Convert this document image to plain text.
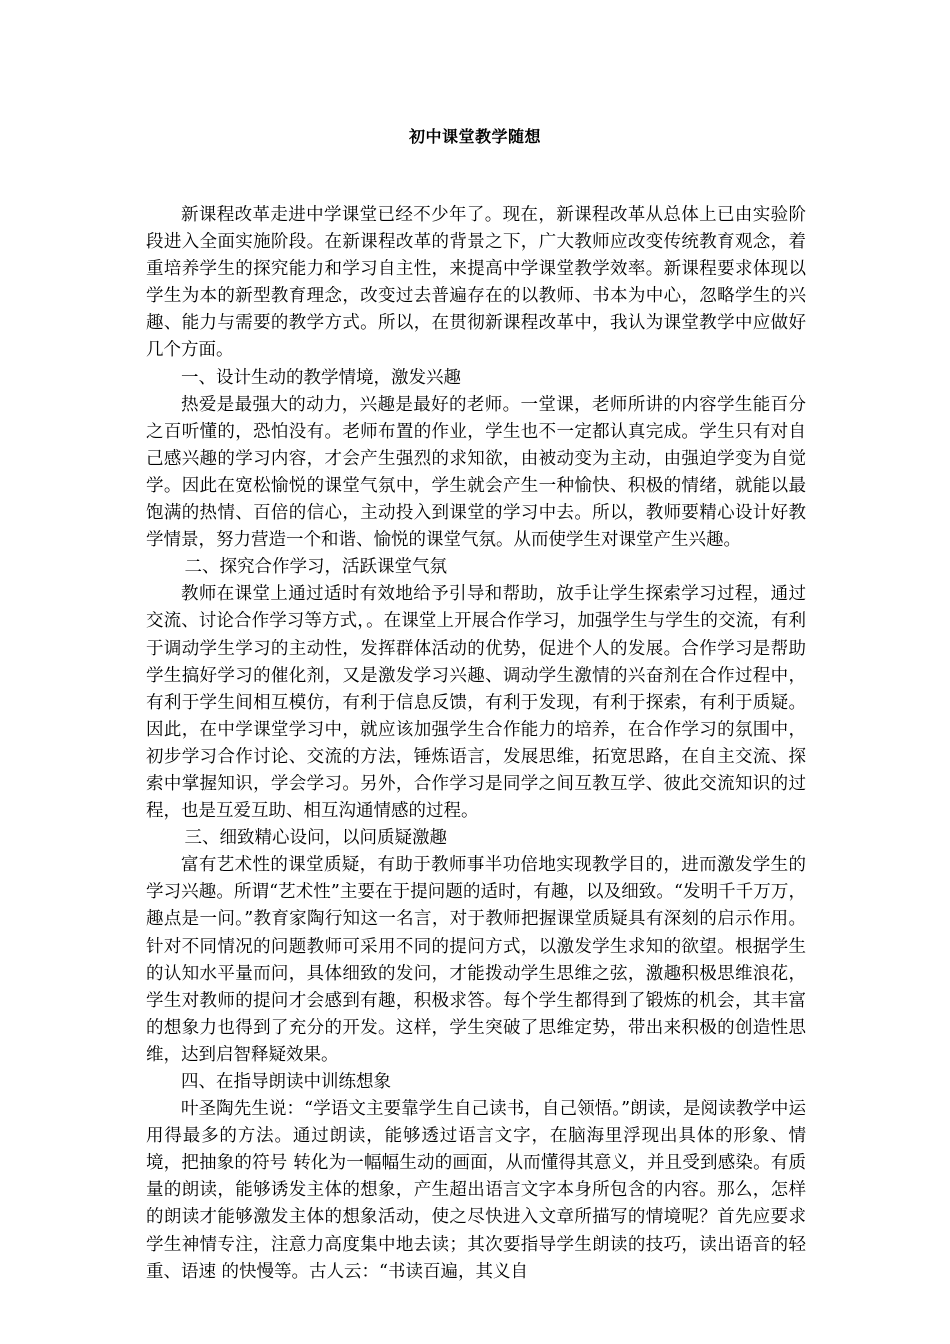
初中课堂教学随想

新课程改革走进中学课堂已经不少年了。现在，新课程改革从总体上已由实验阶段进入全面实施阶段。在新课程改革的背景之下，广大教师应改变传统教育观念，着重培养学生的探究能力和学习自主性，来提高中学课堂教学效率。新课程要求体现以学生为本的新型教育理念，改变过去普遍存在的以教师、书本为中心，忽略学生的兴趣、能力与需要的教学方式。所以，在贯彻新课程改革中，我认为课堂教学中应做好几个方面。

一、设计生动的教学情境，激发兴趣

热爱是最强大的动力，兴趣是最好的老师。一堂课，老师所讲的内容学生能百分之百听懂的，恐怕没有。老师布置的作业，学生也不一定都认真完成。学生只有对自己感兴趣的学习内容，才会产生强烈的求知欲，由被动变为主动，由强迫学变为自觉学。因此在宽松愉悦的课堂气氛中，学生就会产生一种愉快、积极的情绪，就能以最饱满的热情、百倍的信心，主动投入到课堂的学习中去。所以，教师要精心设计好教学情景，努力营造一个和谐、愉悦的课堂气氛。从而使学生对课堂产生兴趣。

二、探究合作学习，活跃课堂气氛

教师在课堂上通过适时有效地给予引导和帮助，放手让学生探索学习过程，通过交流、讨论合作学习等方式，。在课堂上开展合作学习，加强学生与学生的交流，有利于调动学生学习的主动性，发挥群体活动的优势，促进个人的发展。合作学习是帮助学生搞好学习的催化剂，又是激发学习兴趣、调动学生激情的兴奋剂在合作过程中，有利于学生间相互模仿，有利于信息反馈，有利于发现，有利于探索，有利于质疑。因此，在中学课堂学习中，就应该加强学生合作能力的培养，在合作学习的氛围中，初步学习合作讨论、交流的方法，锤炼语言，发展思维，拓宽思路，在自主交流、探索中掌握知识，学会学习。另外，合作学习是同学之间互教互学、彼此交流知识的过程，也是互爱互助、相互沟通情感的过程。

三、细致精心设问，以问质疑激趣

富有艺术性的课堂质疑，有助于教师事半功倍地实现教学目的，进而激发学生的学习兴趣。所谓“艺术性”主要在于提问题的适时，有趣，以及细致。“发明千千万万，趣点是一问。”教育家陶行知这一名言，对于教师把握课堂质疑具有深刻的启示作用。针对不同情况的问题教师可采用不同的提问方式，以激发学生求知的欲望。根据学生的认知水平量而问，具体细致的发问，才能拨动学生思维之弦，激趣积极思维浪花，学生对教师的提问才会感到有趣，积极求答。每个学生都得到了锻炼的机会，其丰富的想象力也得到了充分的开发。这样，学生突破了思维定势，带出来积极的创造性思维，达到启智释疑效果。

四、在指导朗读中训练想象

叶圣陶先生说：“学语文主要靠学生自己读书，自己领悟。”朗读，是阅读教学中运用得最多的方法。通过朗读，能够透过语言文字，在脑海里浮现出具体的形象、情境，把抽象的符号 转化为一幅幅生动的画面，从而懂得其意义，并且受到感染。有质量的朗读，能够诱发主体的想象，产生超出语言文字本身所包含的内容。那么，怎样的朗读才能够激发主体的想象活动，使之尽快进入文章所描写的情境呢？首先应要求学生神情专注，注意力高度集中地去读；其次要指导学生朗读的技巧，读出语音的轻重、语速 的快慢等。古人云：“书读百遍，其义自
